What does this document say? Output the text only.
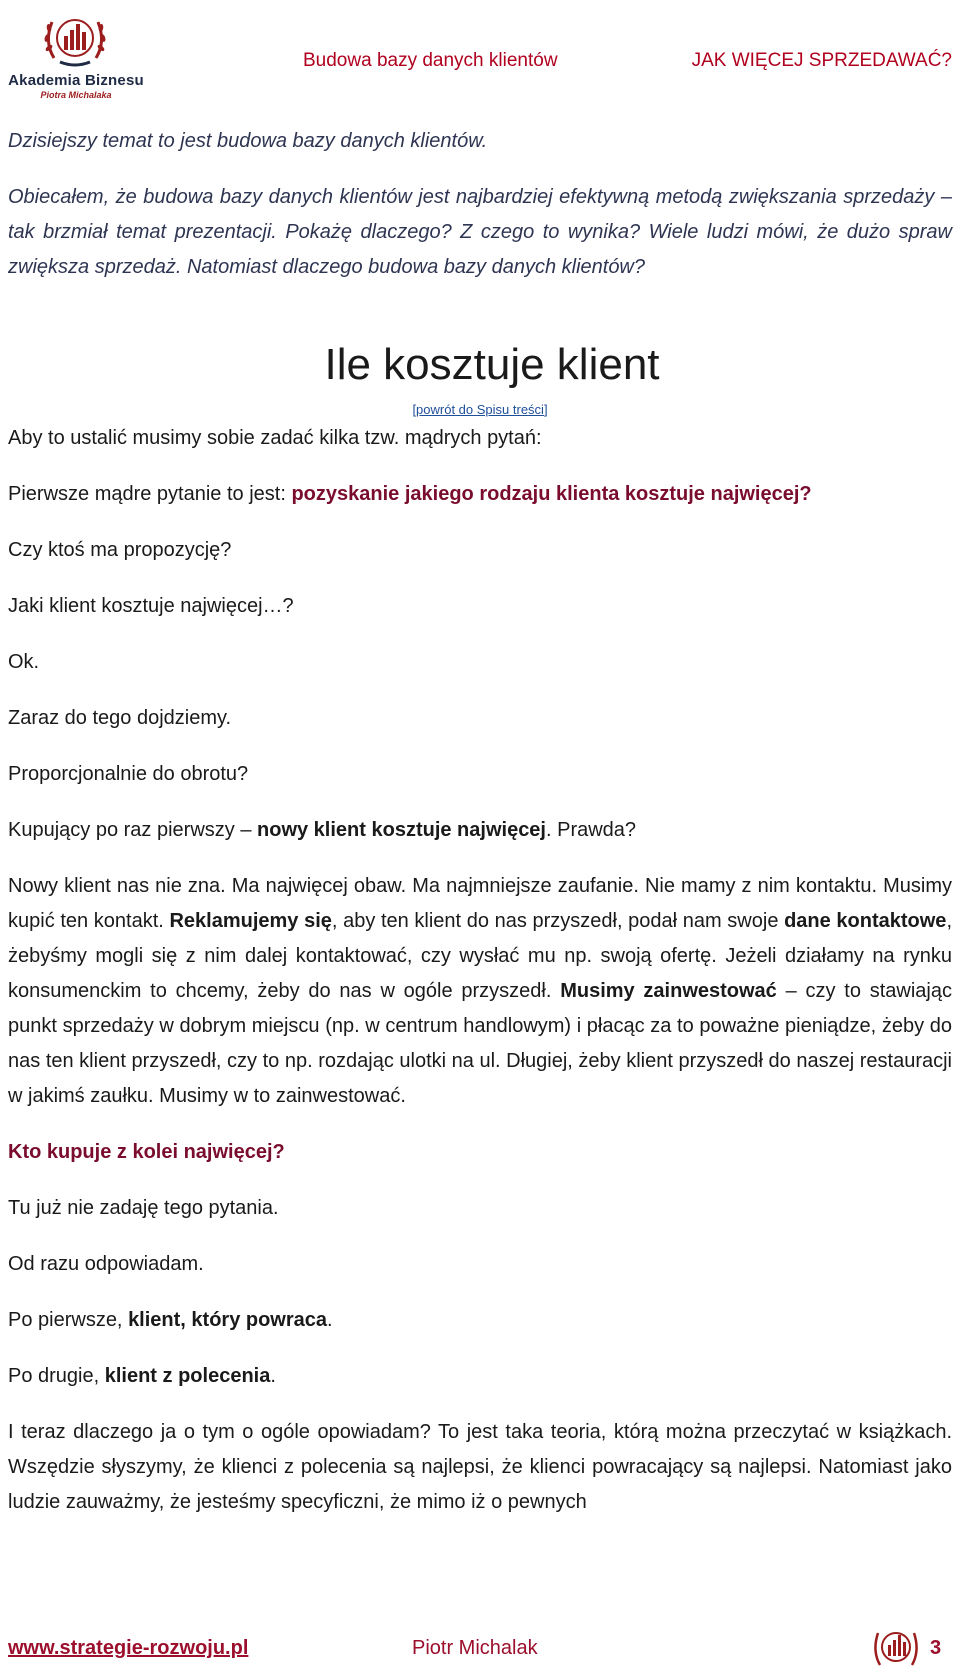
Akademia Biznesu
Piotra Michalaka
Budowa bazy danych klientów	JAK WIĘCEJ SPRZEDAWAĆ?

Dzisiejszy temat to jest budowa bazy danych klientów.

Obiecałem, że budowa bazy danych klientów jest najbardziej efektywną metodą zwiększania sprzedaży – tak brzmiał temat prezentacji. Pokażę dlaczego? Z czego to wynika? Wiele ludzi mówi, że dużo spraw zwiększa sprzedaż. Natomiast dlaczego budowa bazy danych klientów?

Ile kosztuje klient
[powrót do Spisu treści]

Aby to ustalić musimy sobie zadać kilka tzw. mądrych pytań:

Pierwsze mądre pytanie to jest: pozyskanie jakiego rodzaju klienta kosztuje najwięcej?

Czy ktoś ma propozycję?

Jaki klient kosztuje najwięcej…?

Ok.

Zaraz do tego dojdziemy.

Proporcjonalnie do obrotu?

Kupujący po raz pierwszy – nowy klient kosztuje najwięcej. Prawda?

Nowy klient nas nie zna. Ma najwięcej obaw. Ma najmniejsze zaufanie. Nie mamy z nim kontaktu. Musimy kupić ten kontakt. Reklamujemy się, aby ten klient do nas przyszedł, podał nam swoje dane kontaktowe, żebyśmy mogli się z nim dalej kontaktować, czy wysłać mu np. swoją ofertę. Jeżeli działamy na rynku konsumenckim to chcemy, żeby do nas w ogóle przyszedł. Musimy zainwestować – czy to stawiając punkt sprzedaży w dobrym miejscu (np. w centrum handlowym) i płacąc za to poważne pieniądze, żeby do nas ten klient przyszedł, czy to np. rozdając ulotki na ul. Długiej, żeby klient przyszedł do naszej restauracji w jakimś zaułku. Musimy w to zainwestować.

Kto kupuje z kolei najwięcej?

Tu już nie zadaję tego pytania.

Od razu odpowiadam.

Po pierwsze, klient, który powraca.

Po drugie, klient z polecenia.

I teraz dlaczego ja o tym o ogóle opowiadam? To jest taka teoria, którą można przeczytać w książkach. Wszędzie słyszymy, że klienci z polecenia są najlepsi, że klienci powracający są najlepsi. Natomiast jako ludzie zauważmy, że jesteśmy specyficzni, że mimo iż o pewnych

www.strategie-rozwoju.pl	Piotr Michalak	3
